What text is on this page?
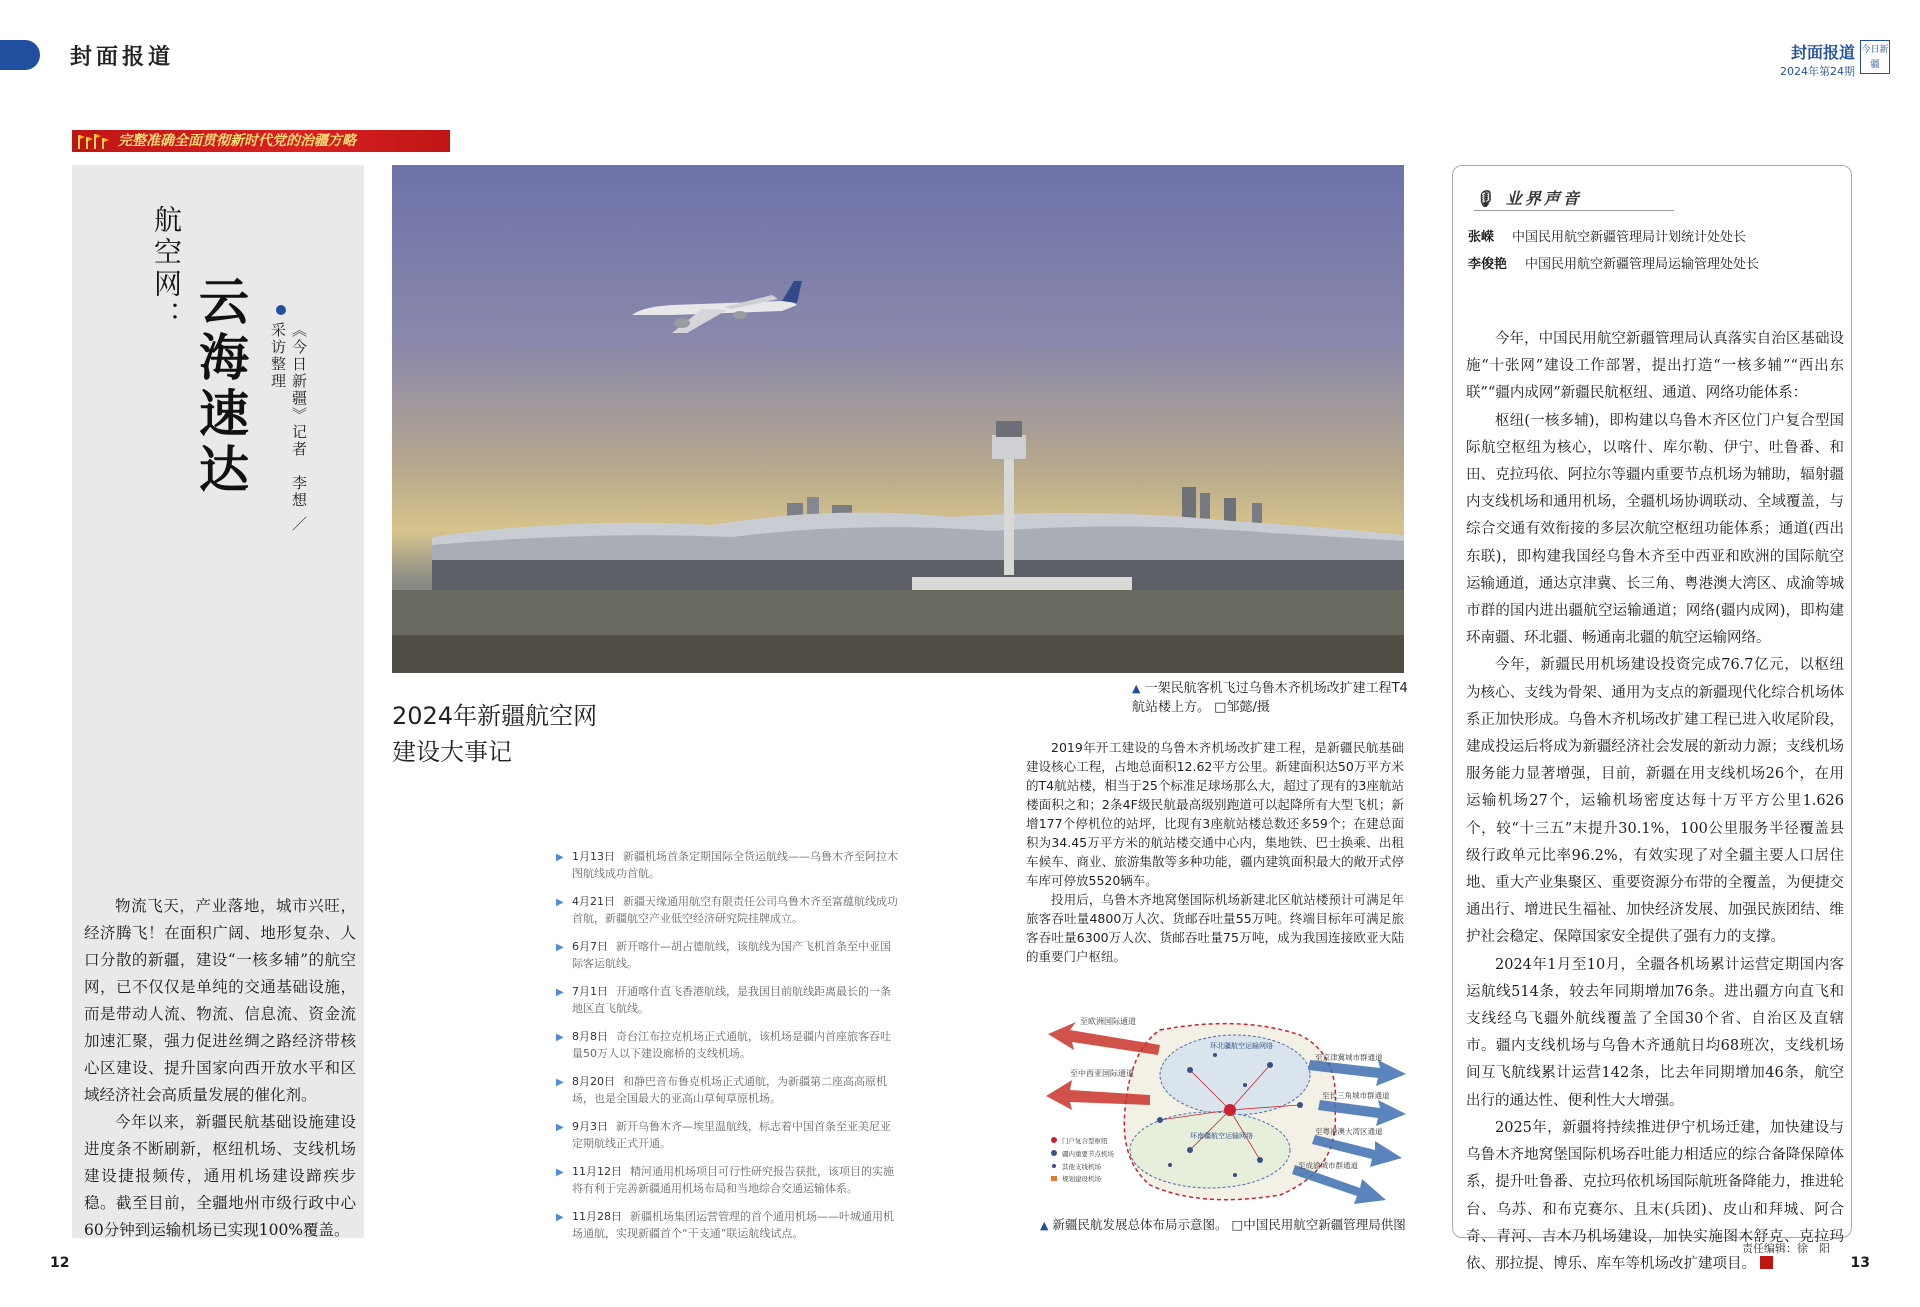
封面报道	封面报道
2024年第24期
今日新疆
完整准确全面贯彻新时代党的治疆方略
航空网：
云海速达	《今日新疆》记者　李想 ／ 采访整理

物流飞天，产业落地，城市兴旺，经济腾飞！在面积广阔、地形复杂、人口分散的新疆，建设“一核多辅”的航空网，已不仅仅是单纯的交通基础设施，而是带动人流、物流、信息流、资金流加速汇聚，强力促进丝绸之路经济带核心区建设、提升国家向西开放水平和区域经济社会高质量发展的催化剂。

今年以来，新疆民航基础设施建设进度条不断刷新，枢纽机场、支线机场建设捷报频传，通用机场建设蹄疾步稳。截至目前，全疆地州市级行政中心60分钟到运输机场已实现100%覆盖。

▲ 一架民航客机飞过乌鲁木齐机场改扩建工程T4航站楼上方。 □邹懿/摄
2024年新疆航空网
建设大事记
▶ 1月13日 新疆机场首条定期国际全货运航线——乌鲁木齐至阿拉木图航线成功首航。
▶ 4月21日 新疆天缘通用航空有限责任公司乌鲁木齐至富蕴航线成功首航，新疆航空产业低空经济研究院挂牌成立。
▶ 6月7日 新开喀什—胡占德航线，该航线为国产飞机首条至中亚国际客运航线。
▶ 7月1日 开通喀什直飞香港航线，是我国目前航线距离最长的一条地区直飞航线。
▶ 8月8日 奇台江布拉克机场正式通航，该机场是疆内首座旅客吞吐量50万人以下建设廊桥的支线机场。
▶ 8月20日 和静巴音布鲁克机场正式通航，为新疆第二座高高原机场，也是全国最大的亚高山草甸草原机场。
▶ 9月3日 新开乌鲁木齐—埃里温航线，标志着中国首条至亚美尼亚定期航线正式开通。
▶ 11月12日 精河通用机场项目可行性研究报告获批，该项目的实施将有利于完善新疆通用机场布局和当地综合交通运输体系。
▶ 11月28日 新疆机场集团运营管理的首个通用机场——叶城通用机场通航，实现新疆首个“干支通”联运航线试点。

2019年开工建设的乌鲁木齐机场改扩建工程，是新疆民航基础建设核心工程，占地总面积12.62平方公里。新建面积达50万平方米的T4航站楼，相当于25个标准足球场那么大，超过了现有的3座航站楼面积之和；2条4F级民航最高级别跑道可以起降所有大型飞机；新增177个停机位的站坪，比现有3座航站楼总数还多59个；在建总面积为34.45万平方米的航站楼交通中心内，集地铁、巴士换乘、出租车候车、商业、旅游集散等多种功能，疆内建筑面积最大的敞开式停车库可停放5520辆车。

投用后，乌鲁木齐地窝堡国际机场新建北区航站楼预计可满足年旅客吞吐量4800万人次、货邮吞吐量55万吨。终端目标年可满足旅客吞吐量6300万人次、货邮吞吐量75万吨，成为我国连接欧亚大陆的重要门户枢纽。

至欧洲国际通道
至中西亚国际通道
至京津冀城市群通道
至长三角城市群通道
至粤港澳大湾区通道
至成渝城市群通道
环北疆航空运输网络
环南疆航空运输网络
门户复合型枢纽
疆内重要节点机场
其他支线机场
规划建设机场
▲ 新疆民航发展总体布局示意图。 □中国民用航空新疆管理局供图
🎙 业界声音
张嵘 中国民用航空新疆管理局计划统计处处长
李俊艳 中国民用航空新疆管理局运输管理处处长

今年，中国民用航空新疆管理局认真落实自治区基础设施“十张网”建设工作部署，提出打造“一核多辅”“西出东联”“疆内成网”新疆民航枢纽、通道、网络功能体系：

枢纽(一核多辅)，即构建以乌鲁木齐区位门户复合型国际航空枢纽为核心，以喀什、库尔勒、伊宁、吐鲁番、和田、克拉玛依、阿拉尔等疆内重要节点机场为辅助，辐射疆内支线机场和通用机场，全疆机场协调联动、全域覆盖，与综合交通有效衔接的多层次航空枢纽功能体系；通道(西出东联)，即构建我国经乌鲁木齐至中西亚和欧洲的国际航空运输通道，通达京津冀、长三角、粤港澳大湾区、成渝等城市群的国内进出疆航空运输通道；网络(疆内成网)，即构建环南疆、环北疆、畅通南北疆的航空运输网络。

今年，新疆民用机场建设投资完成76.7亿元，以枢纽为核心、支线为骨架、通用为支点的新疆现代化综合机场体系正加快形成。乌鲁木齐机场改扩建工程已进入收尾阶段，建成投运后将成为新疆经济社会发展的新动力源；支线机场服务能力显著增强，目前，新疆在用支线机场26个，在用运输机场27个，运输机场密度达每十万平方公里1.626个，较“十三五”末提升30.1%，100公里服务半径覆盖县级行政单元比率96.2%，有效实现了对全疆主要人口居住地、重大产业集聚区、重要资源分布带的全覆盖，为便捷交通出行、增进民生福祉、加快经济发展、加强民族团结、维护社会稳定、保障国家安全提供了强有力的支撑。

2024年1月至10月，全疆各机场累计运营定期国内客运航线514条，较去年同期增加76条。进出疆方向直飞和支线经乌飞疆外航线覆盖了全国30个省、自治区及直辖市。疆内支线机场与乌鲁木齐通航日均68班次，支线机场间互飞航线累计运营142条，比去年同期增加46条，航空出行的通达性、便利性大大增强。

2025年，新疆将持续推进伊宁机场迁建，加快建设与乌鲁木齐地窝堡国际机场吞吐能力相适应的综合备降保障体系，提升吐鲁番、克拉玛依机场国际航班备降能力，推进轮台、乌苏、和布克赛尔、且末(兵团)、皮山和拜城、阿合奇、青河、吉木乃机场建设，加快实施图木舒克、克拉玛依、那拉提、博乐、库车等机场改扩建项目。

12
责任编辑：徐　阳
13
